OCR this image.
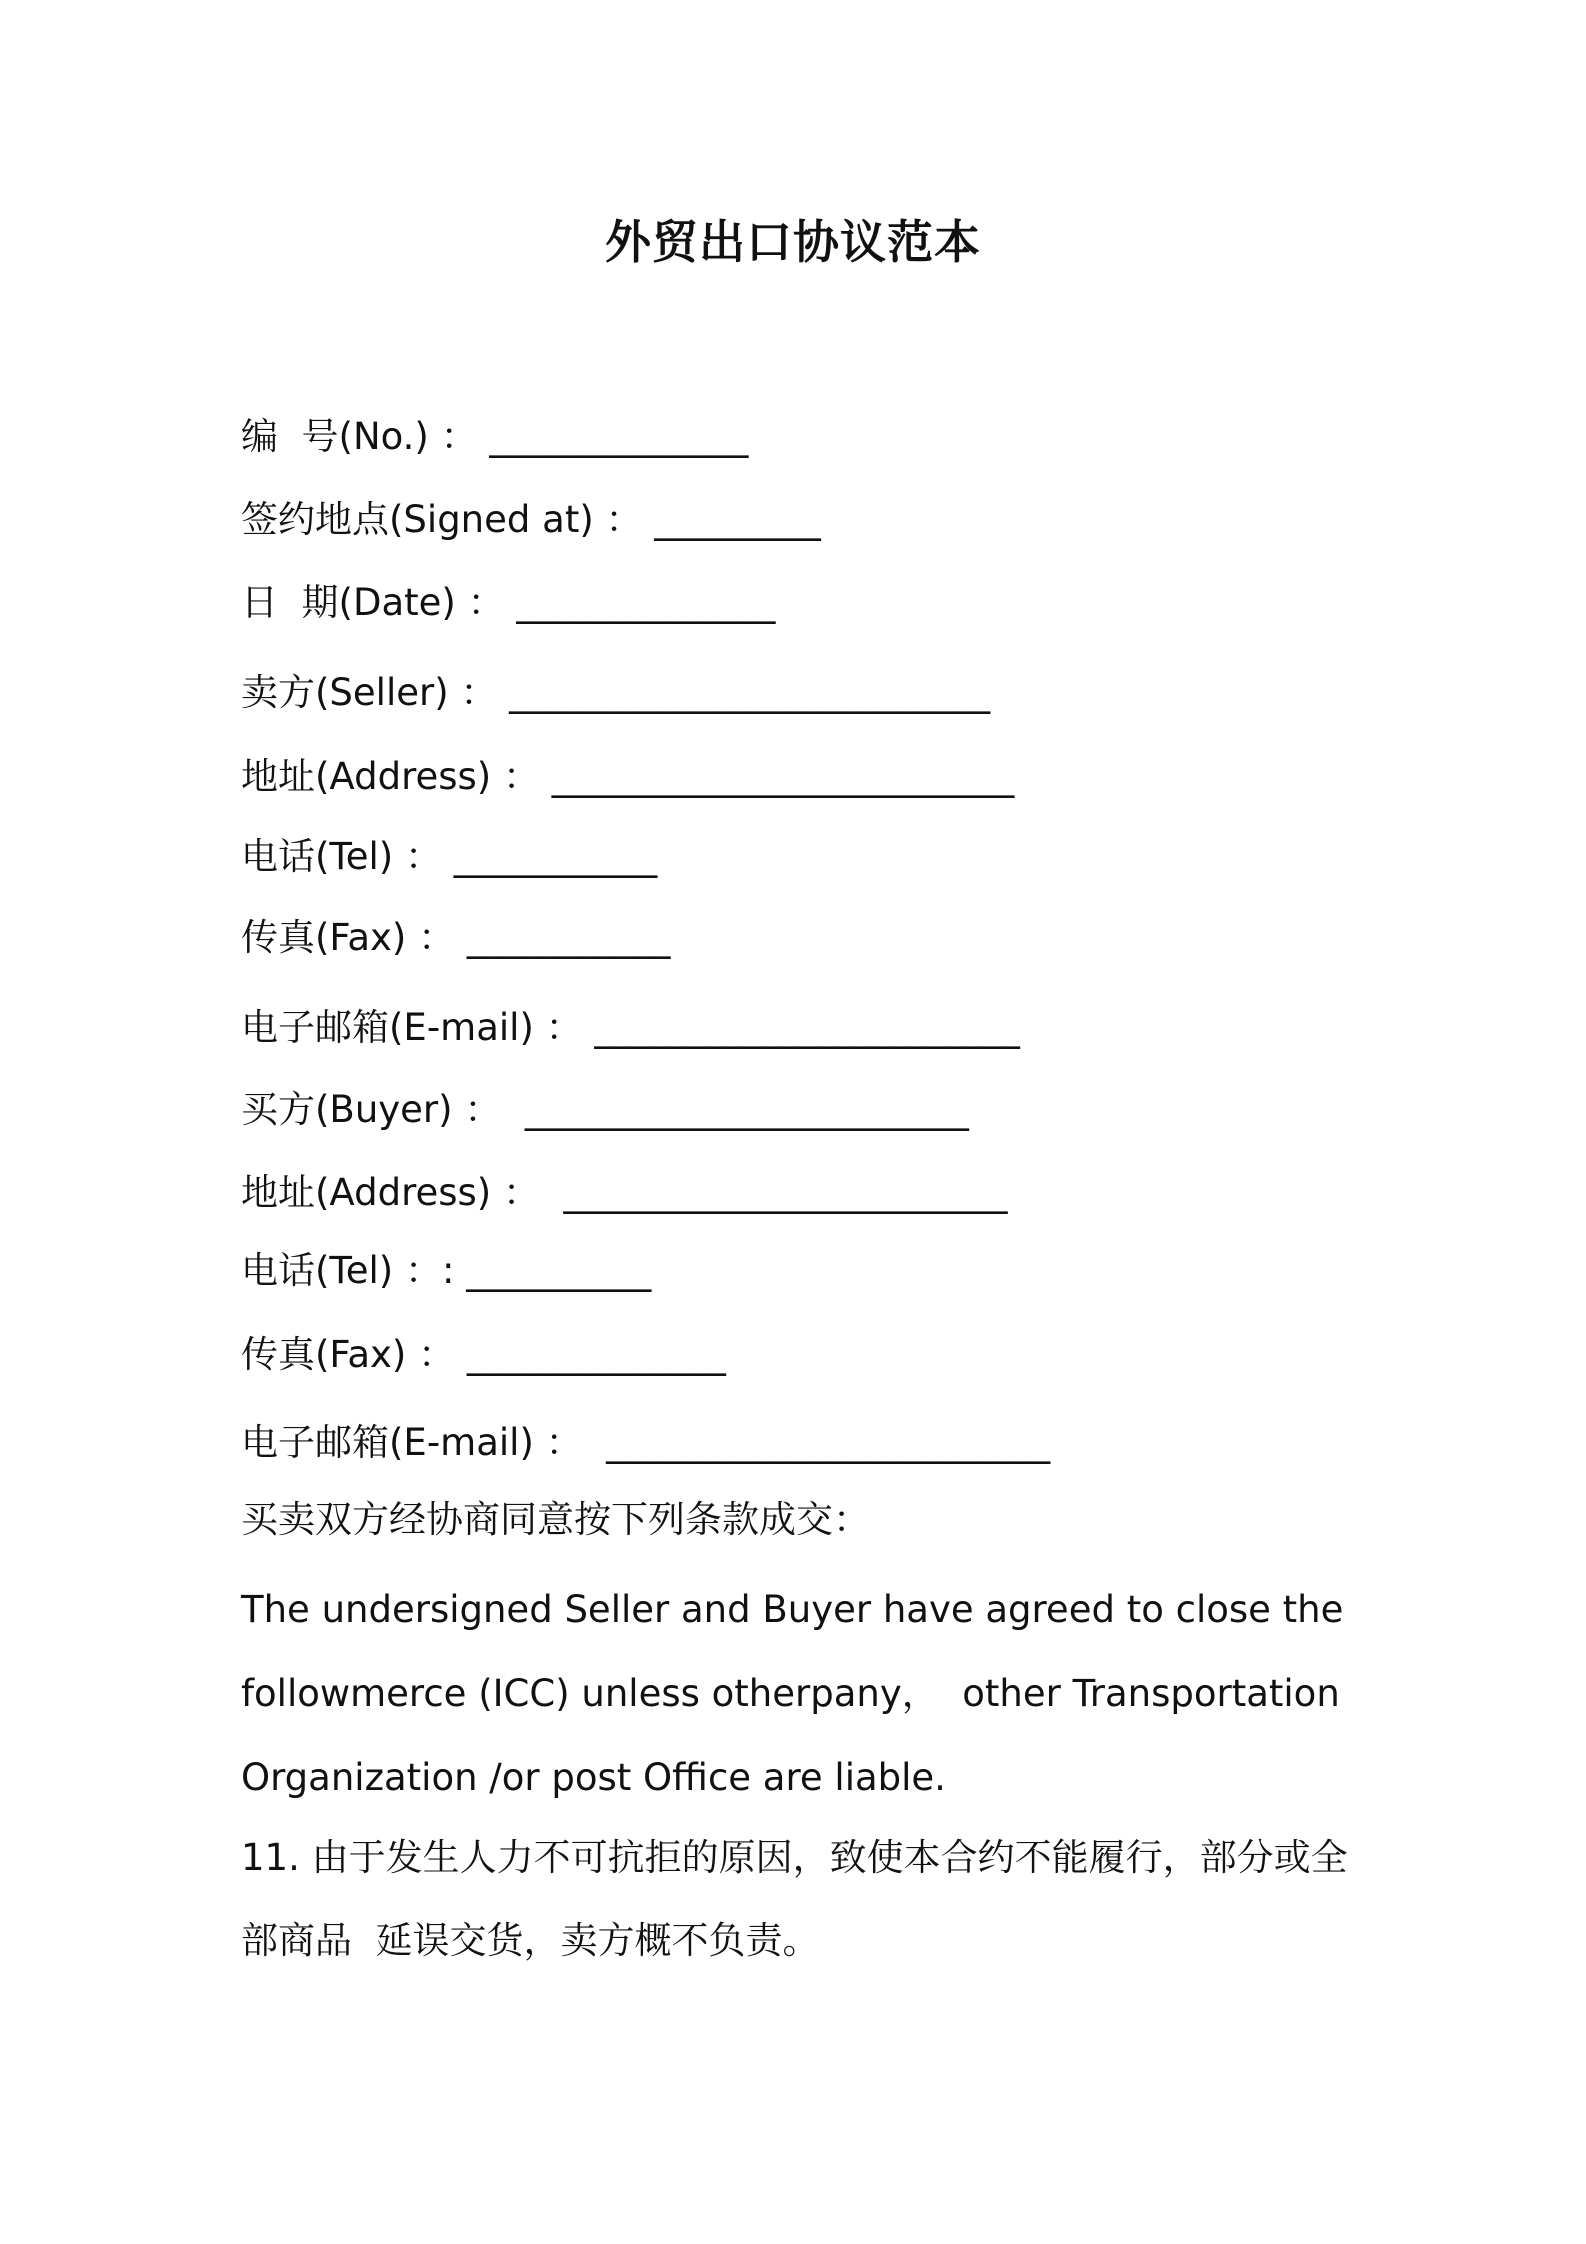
外贸出口协议范本
编  号(No.) ： ______________
签约地点(Signed at) ： _________
日  期(Date) ： ______________
卖方(Seller) ： __________________________
地址(Address) ： _________________________
电话(Tel) ： ___________
传真(Fax) ： ___________
电子邮箱(E-mail) ： _______________________
买方(Buyer) ：  ________________________
地址(Address) ：  ________________________
电话(Tel) ：: __________
传真(Fax) ： ______________
电子邮箱(E-mail) ：  ________________________
买卖双方经协商同意按下列条款成交：
The undersigned Seller and Buyer have agreed to close the
followmerce (ICC) unless otherpany，  other Transportation
Organization /or post Office are liable.
11. 由于发生人力不可抗拒的原因，致使本合约不能履行，部分或全
部商品  延误交货，卖方概不负责。
